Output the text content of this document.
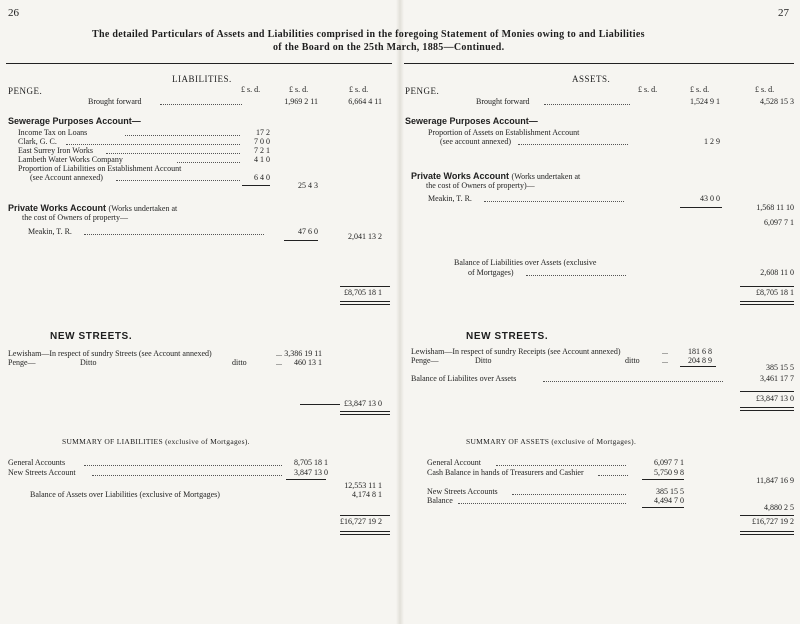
26	27
The detailed Particulars of Assets and Liabilities comprised in the foregoing Statement of Monies owing to and Liabilities
of the Board on the 25th March, 1885—Continued.
LIABILITIES.
PENGE.	£ s. d.	£ s. d.	£ s. d.
Brought forward	1,969 2 11	6,664 4 11
Sewerage Purposes Account—
Income Tax on Loans	17 2
Clark, G. C.	7 0 0
East Surrey Iron Works	7 2 1
Lambeth Water Works Company	4 1 0
Proportion of Liabilities on Establishment Account
(see Account annexed)	6 4 0
25 4 3
Private Works Account (Works undertaken at
the cost of Owners of property—
Meakin, T. R.	47 6 0
2,041 13 2
£8,705 18 1
ASSETS.
PENGE.	£ s. d.	£ s. d.	£ s. d.
Brought forward	1,524 9 1	4,528 15 3
Sewerage Purposes Account—
Proportion of Assets on Establishment Account
(see account annexed)	1 2 9
Private Works Account (Works undertaken at
the cost of Owners of property)—
Meakin, T. R.	43 0 0
1,568 11 10
6,097 7 1
Balance of Liabilities over Assets (exclusive
of Mortgages)	2,608 11 0
£8,705 18 1
NEW STREETS.	NEW STREETS.
Lewisham—In respect of sundry Streets (see Account annexed)	... 3,386 19 11
Penge—	Ditto	ditto	...	460 13 1
£3,847 13 0
Lewisham—In respect of sundry Receipts (see Account annexed)	...	181 6 8
Penge—	Ditto	ditto	...	204 8 9
385 15 5
Balance of Liabilites over Assets	3,461 17 7
£3,847 13 0
SUMMARY OF LIABILITIES (exclusive of Mortgages).	SUMMARY OF ASSETS (exclusive of Mortgages).
General Accounts	8,705 18 1
New Streets Account	3,847 13 0
12,553 11 1
Balance of Assets over Liabilities (exclusive of Mortgages)	4,174 8 1
£16,727 19 2
General Account	6,097 7 1
Cash Balance in hands of Treasurers and Cashier	5,750 9 8
11,847 16 9
New Streets Accounts	385 15 5
Balance	4,494 7 0
4,880 2 5
£16,727 19 2
